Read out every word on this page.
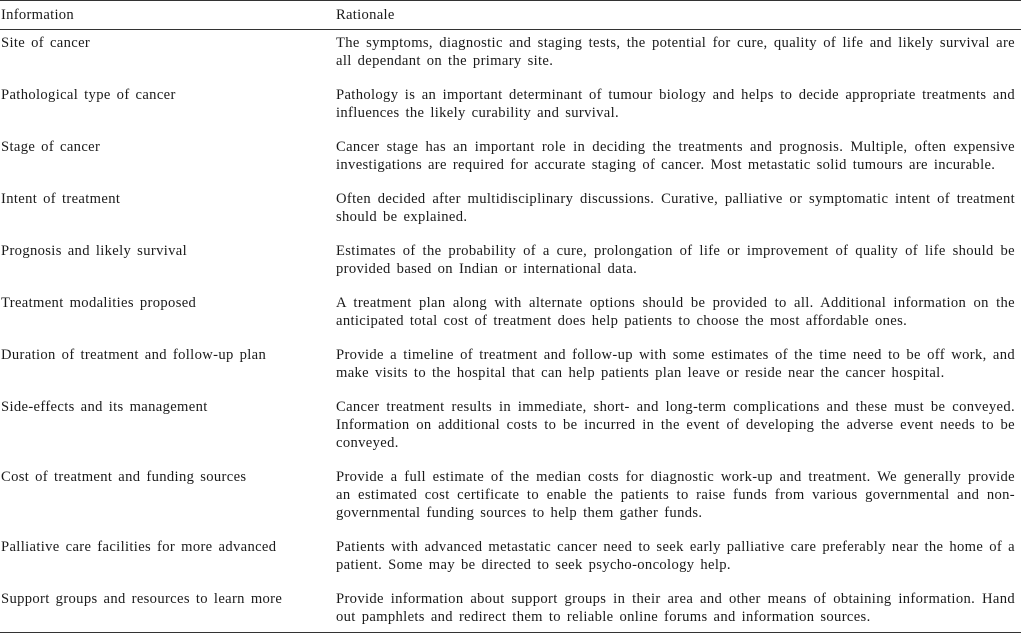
Information	Rationale
Site of cancer	The symptoms, diagnostic and staging tests, the potential for cure, quality of life and likely survival are all dependant on the primary site.
Pathological type of cancer	Pathology is an important determinant of tumour biology and helps to decide appropriate treatments and influences the likely curability and survival.
Stage of cancer	Cancer stage has an important role in deciding the treatments and prognosis. Multiple, often expensive investigations are required for accurate staging of cancer. Most metastatic solid tumours are incurable.
Intent of treatment	Often decided after multidisciplinary discussions. Curative, palliative or symptomatic intent of treatment should be explained.
Prognosis and likely survival	Estimates of the probability of a cure, prolongation of life or improvement of quality of life should be provided based on Indian or international data.
Treatment modalities proposed	A treatment plan along with alternate options should be provided to all. Additional information on the anticipated total cost of treatment does help patients to choose the most affordable ones.
Duration of treatment and follow-up plan	Provide a timeline of treatment and follow-up with some estimates of the time need to be off work, and make visits to the hospital that can help patients plan leave or reside near the cancer hospital.
Side-effects and its management	Cancer treatment results in immediate, short- and long-term complications and these must be conveyed. Information on additional costs to be incurred in the event of developing the adverse event needs to be conveyed.
Cost of treatment and funding sources	Provide a full estimate of the median costs for diagnostic work-up and treatment. We generally provide an estimated cost certificate to enable the patients to raise funds from various governmental and non-governmental funding sources to help them gather funds.
Palliative care facilities for more advanced	Patients with advanced metastatic cancer need to seek early palliative care preferably near the home of a patient. Some may be directed to seek psycho-oncology help.
Support groups and resources to learn more	Provide information about support groups in their area and other means of obtaining information. Hand out pamphlets and redirect them to reliable online forums and information sources.
